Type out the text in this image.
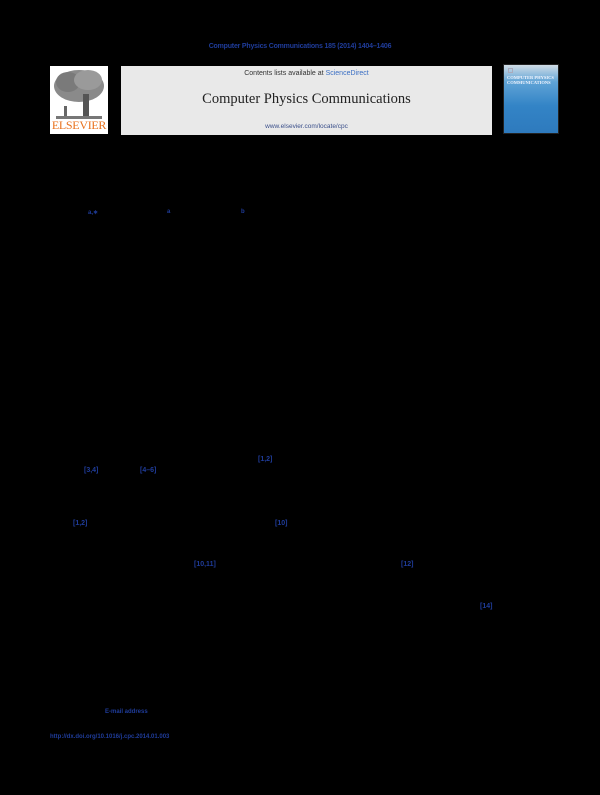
Computer Physics Communications 185 (2014) 1404–1406
ELSEVIER
Contents lists available at ScienceDirect
Computer Physics Communications
www.elsevier.com/locate/cpc
COMPUTER PHYSICS COMMUNICATIONS
a,∗	a	b
[1,2]
[3,4]	[4–6]
[1,2]	[10]
[10,11]	[12]
[14]
E-mail address
http://dx.doi.org/10.1016/j.cpc.2014.01.003
